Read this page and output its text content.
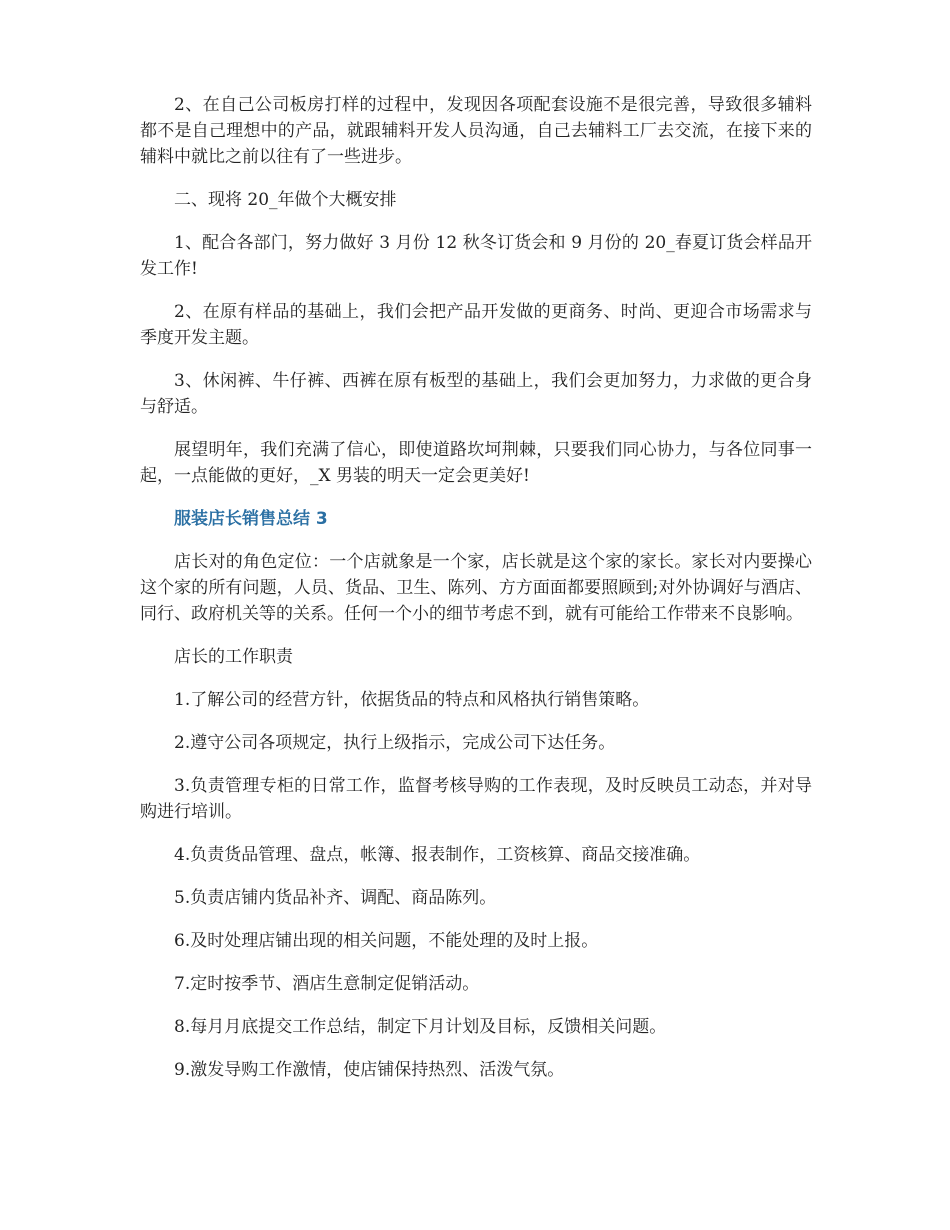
2、在自己公司板房打样的过程中，发现因各项配套设施不是很完善，导致很多辅料都不是自己理想中的产品，就跟辅料开发人员沟通，自己去辅料工厂去交流，在接下来的辅料中就比之前以往有了一些进步。

二、现将 20_年做个大概安排

1、配合各部门，努力做好 3 月份 12 秋冬订货会和 9 月份的 20_春夏订货会样品开发工作!

2、在原有样品的基础上，我们会把产品开发做的更商务、时尚、更迎合市场需求与季度开发主题。

3、休闲裤、牛仔裤、西裤在原有板型的基础上，我们会更加努力，力求做的更合身与舒适。

展望明年，我们充满了信心，即使道路坎坷荆棘，只要我们同心协力，与各位同事一起，一点能做的更好，_X 男装的明天一定会更美好!

服装店长销售总结 3

店长对的角色定位：一个店就象是一个家，店长就是这个家的家长。家长对内要操心这个家的所有问题，人员、货品、卫生、陈列、方方面面都要照顾到;对外协调好与酒店、同行、政府机关等的关系。任何一个小的细节考虑不到，就有可能给工作带来不良影响。

店长的工作职责

1.了解公司的经营方针，依据货品的特点和风格执行销售策略。

2.遵守公司各项规定，执行上级指示，完成公司下达任务。

3.负责管理专柜的日常工作，监督考核导购的工作表现，及时反映员工动态，并对导购进行培训。

4.负责货品管理、盘点，帐簿、报表制作，工资核算、商品交接准确。

5.负责店铺内货品补齐、调配、商品陈列。

6.及时处理店铺出现的相关问题，不能处理的及时上报。

7.定时按季节、酒店生意制定促销活动。

8.每月月底提交工作总结，制定下月计划及目标，反馈相关问题。

9.激发导购工作激情，使店铺保持热烈、活泼气氛。
